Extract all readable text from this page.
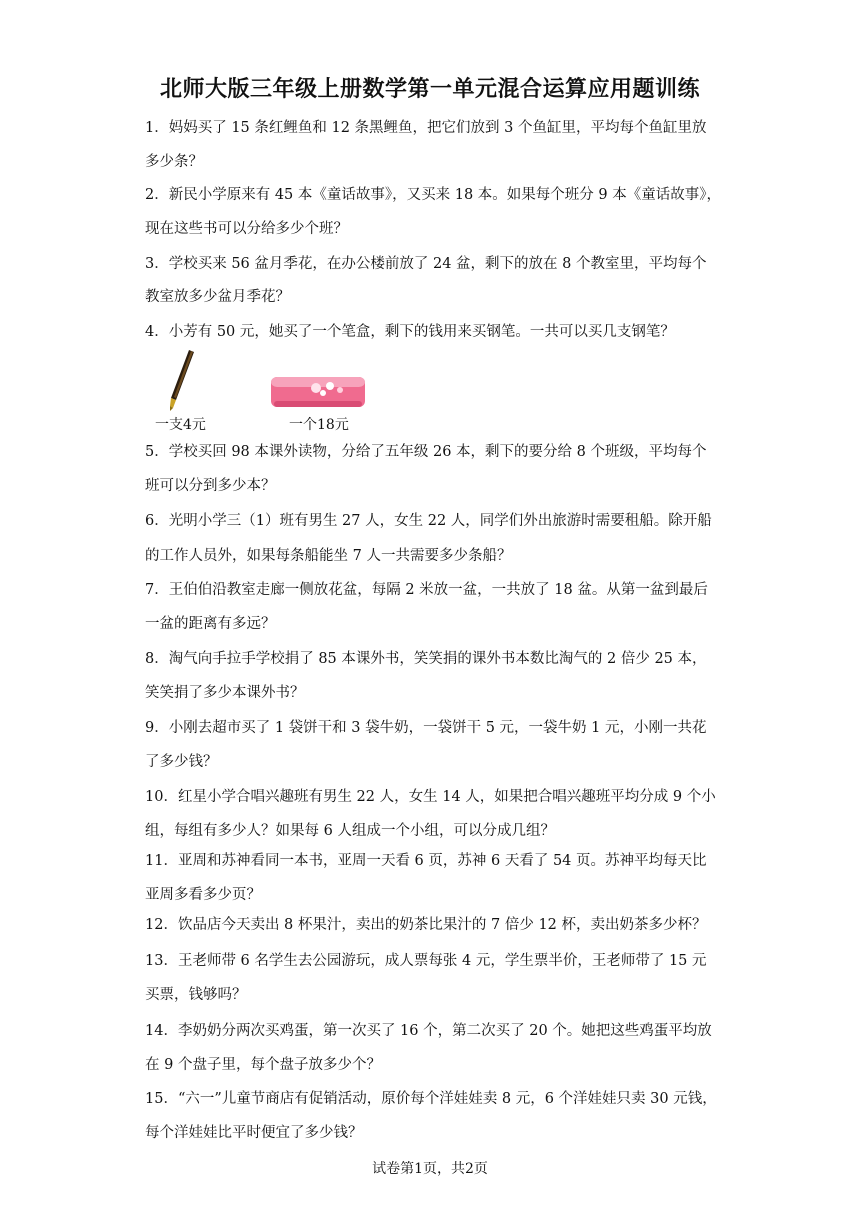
北师大版三年级上册数学第一单元混合运算应用题训练
1．妈妈买了 15 条红鲤鱼和 12 条黑鲤鱼，把它们放到 3 个鱼缸里，平均每个鱼缸里放
多少条？
2．新民小学原来有 45 本《童话故事》，又买来 18 本。如果每个班分 9 本《童话故事》，
现在这些书可以分给多少个班？
3．学校买来 56 盆月季花，在办公楼前放了 24 盆，剩下的放在 8 个教室里，平均每个
教室放多少盆月季花？
4．小芳有 50 元，她买了一个笔盒，剩下的钱用来买钢笔。一共可以买几支钢笔？
5．学校买回 98 本课外读物，分给了五年级 26 本，剩下的要分给 8 个班级，平均每个
班可以分到多少本？
6．光明小学三（1）班有男生 27 人，女生 22 人，同学们外出旅游时需要租船。除开船
的工作人员外，如果每条船能坐 7 人一共需要多少条船？
7．王伯伯沿教室走廊一侧放花盆，每隔 2 米放一盆，一共放了 18 盆。从第一盆到最后
一盆的距离有多远？
8．淘气向手拉手学校捐了 85 本课外书，笑笑捐的课外书本数比淘气的 2 倍少 25 本，
笑笑捐了多少本课外书？
9．小刚去超市买了 1 袋饼干和 3 袋牛奶，一袋饼干 5 元，一袋牛奶 1 元，小刚一共花
了多少钱？
10．红星小学合唱兴趣班有男生 22 人，女生 14 人，如果把合唱兴趣班平均分成 9 个小
组，每组有多少人？如果每 6 人组成一个小组，可以分成几组？
11．亚周和苏神看同一本书，亚周一天看 6 页，苏神 6 天看了 54 页。苏神平均每天比
亚周多看多少页？
12．饮品店今天卖出 8 杯果汁，卖出的奶茶比果汁的 7 倍少 12 杯，卖出奶茶多少杯？
13．王老师带 6 名学生去公园游玩，成人票每张 4 元，学生票半价，王老师带了 15 元
买票，钱够吗？
14．李奶奶分两次买鸡蛋，第一次买了 16 个，第二次买了 20 个。她把这些鸡蛋平均放
在 9 个盘子里，每个盘子放多少个？
15．“六一”儿童节商店有促销活动，原价每个洋娃娃卖 8 元，6 个洋娃娃只卖 30 元钱，
每个洋娃娃比平时便宜了多少钱？
一支4元	一个18元
试卷第1页，共2页
